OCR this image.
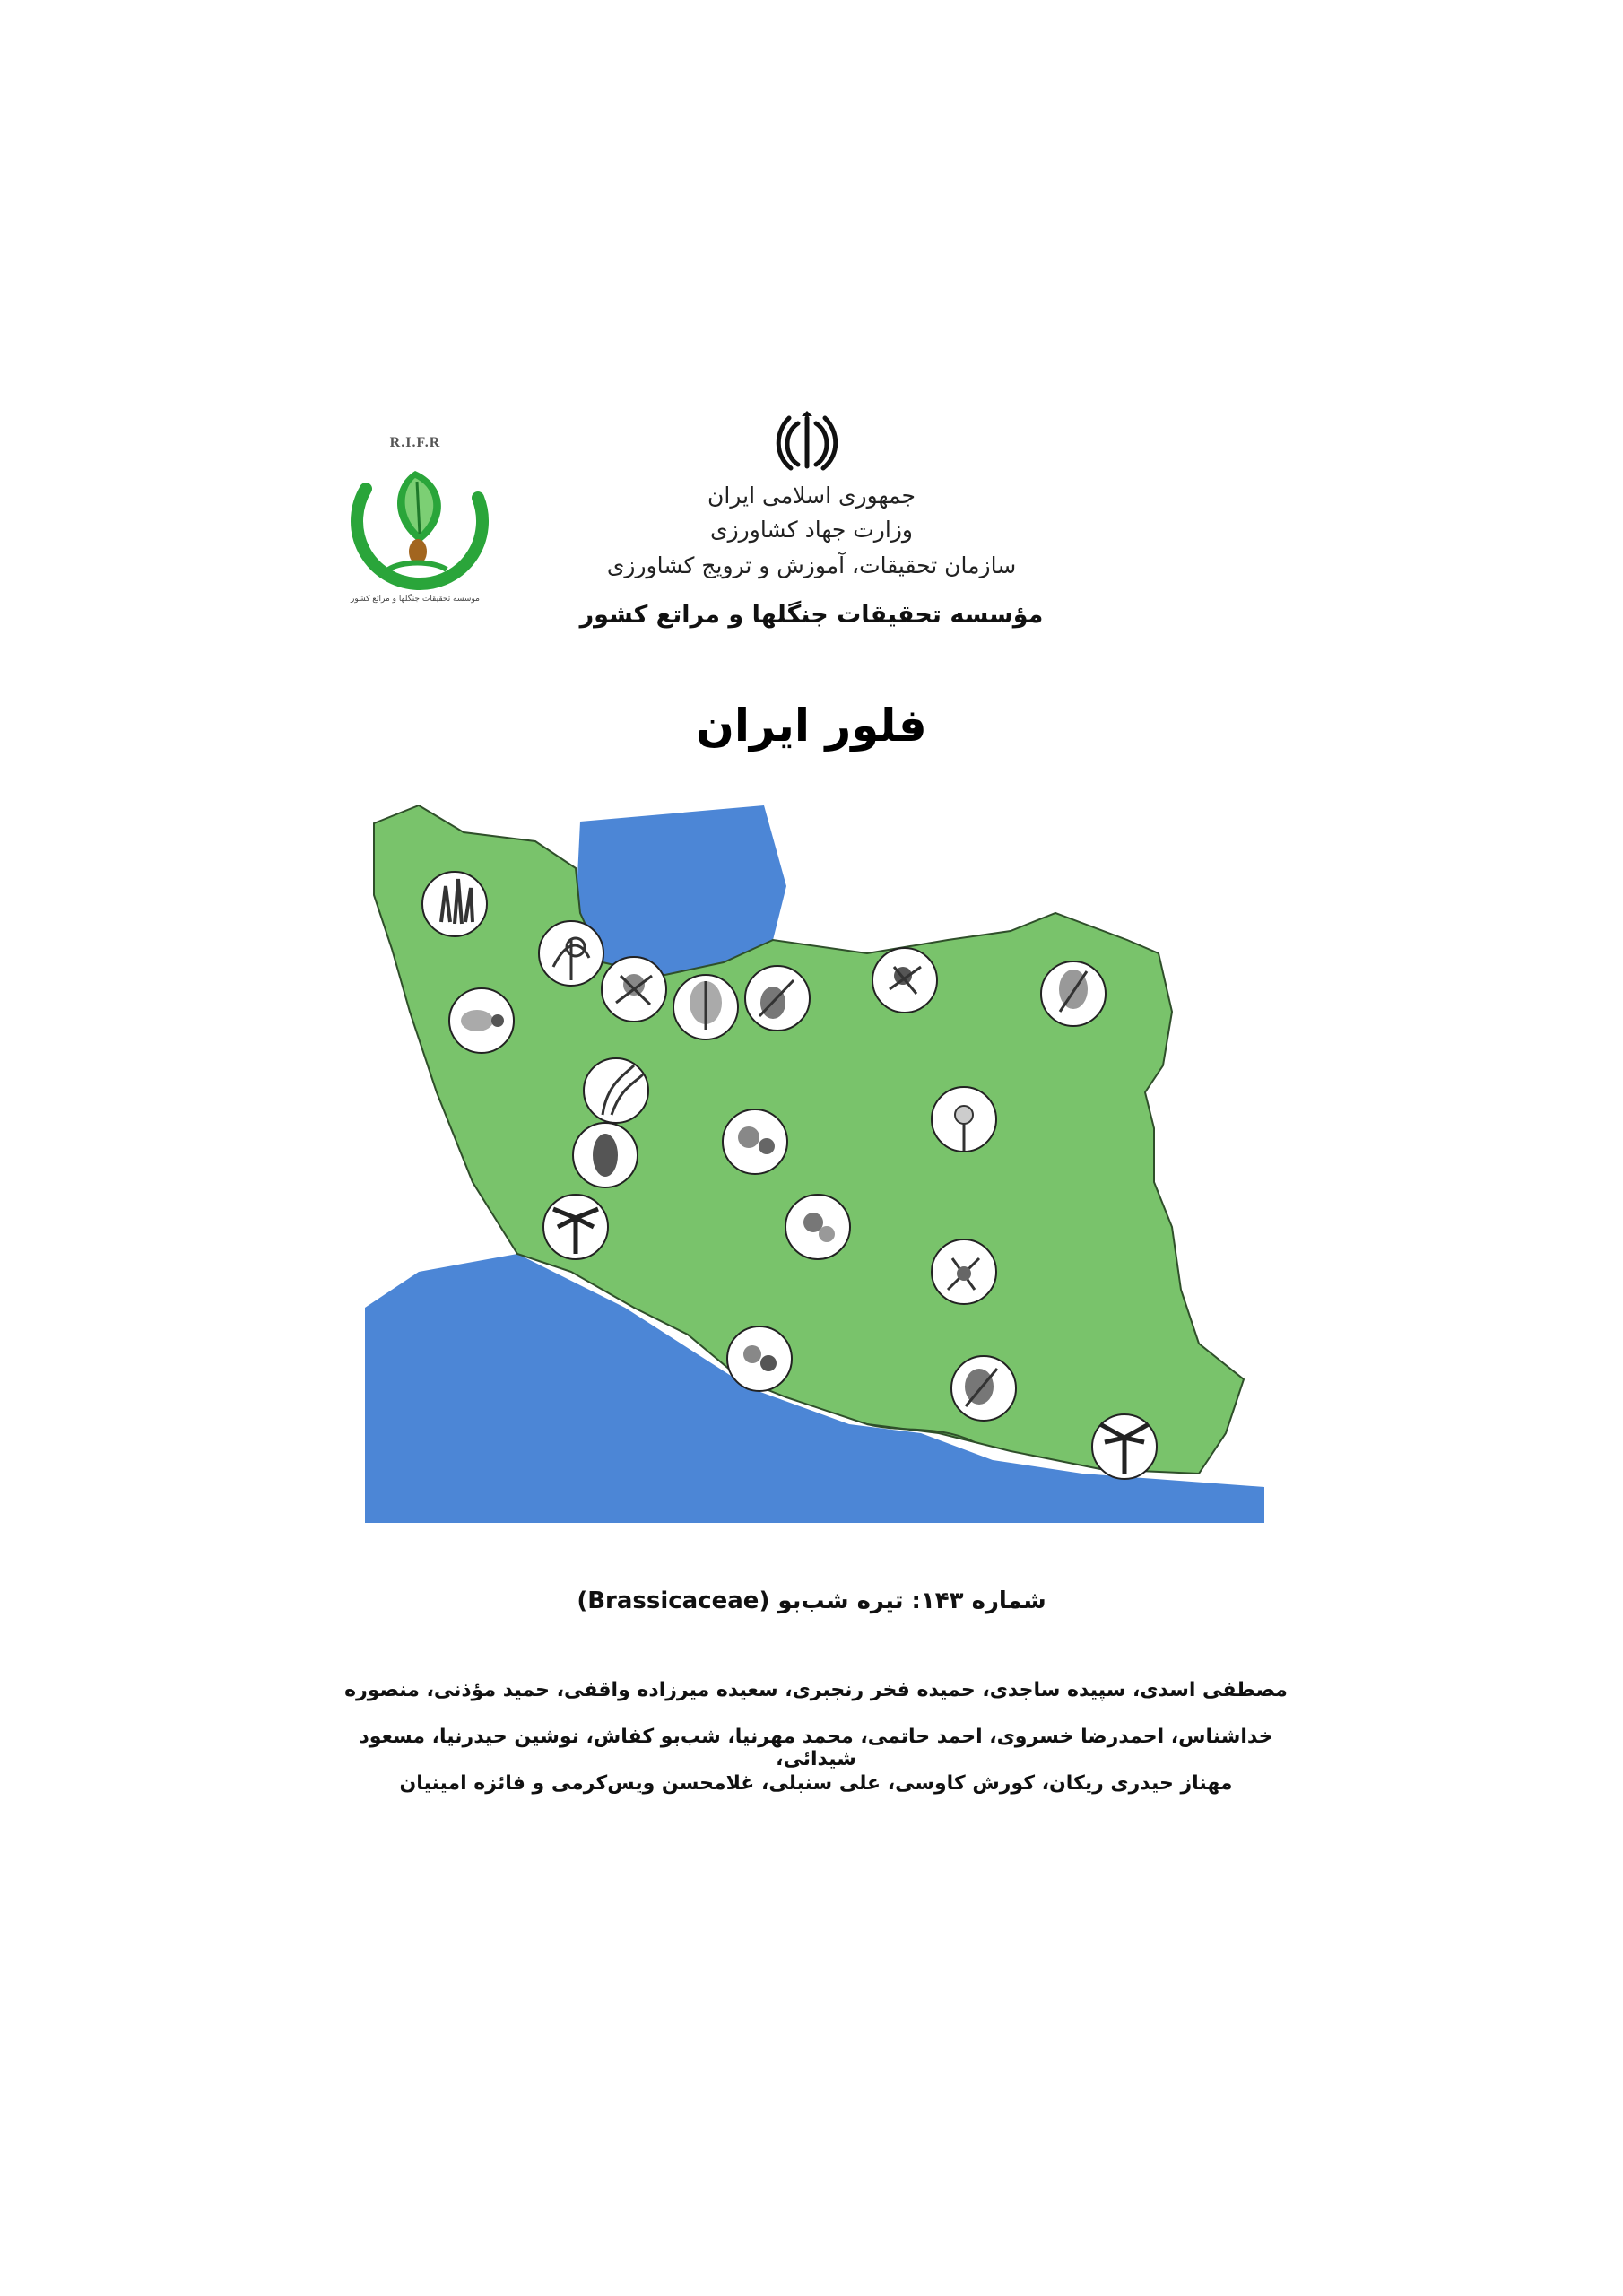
R.I.F.R
موسسه تحقیقات جنگلها و مراتع کشور
جمهوری اسلامی ایران
وزارت جهاد کشاورزی
سازمان تحقیقات، آموزش و ترویج کشاورزی
مؤسسه تحقیقات جنگلها و مراتع کشور
فلور ایران
شماره ۱۴۳: تیره شب‌بو (Brassicaceae)
مصطفی اسدی، سپیده ساجدی، حمیده فخر رنجبری، سعیده میرزاده واقفی، حمید مؤذنی، منصوره
خداشناس، احمدرضا خسروی، احمد حاتمی، محمد مهرنیا، شب‌بو کفاش، نوشین حیدرنیا، مسعود شیدائی،
مهناز حیدری ریکان، کورش کاوسی، علی سنبلی، غلامحسن ویس‌کرمی و فائزه امینیان
